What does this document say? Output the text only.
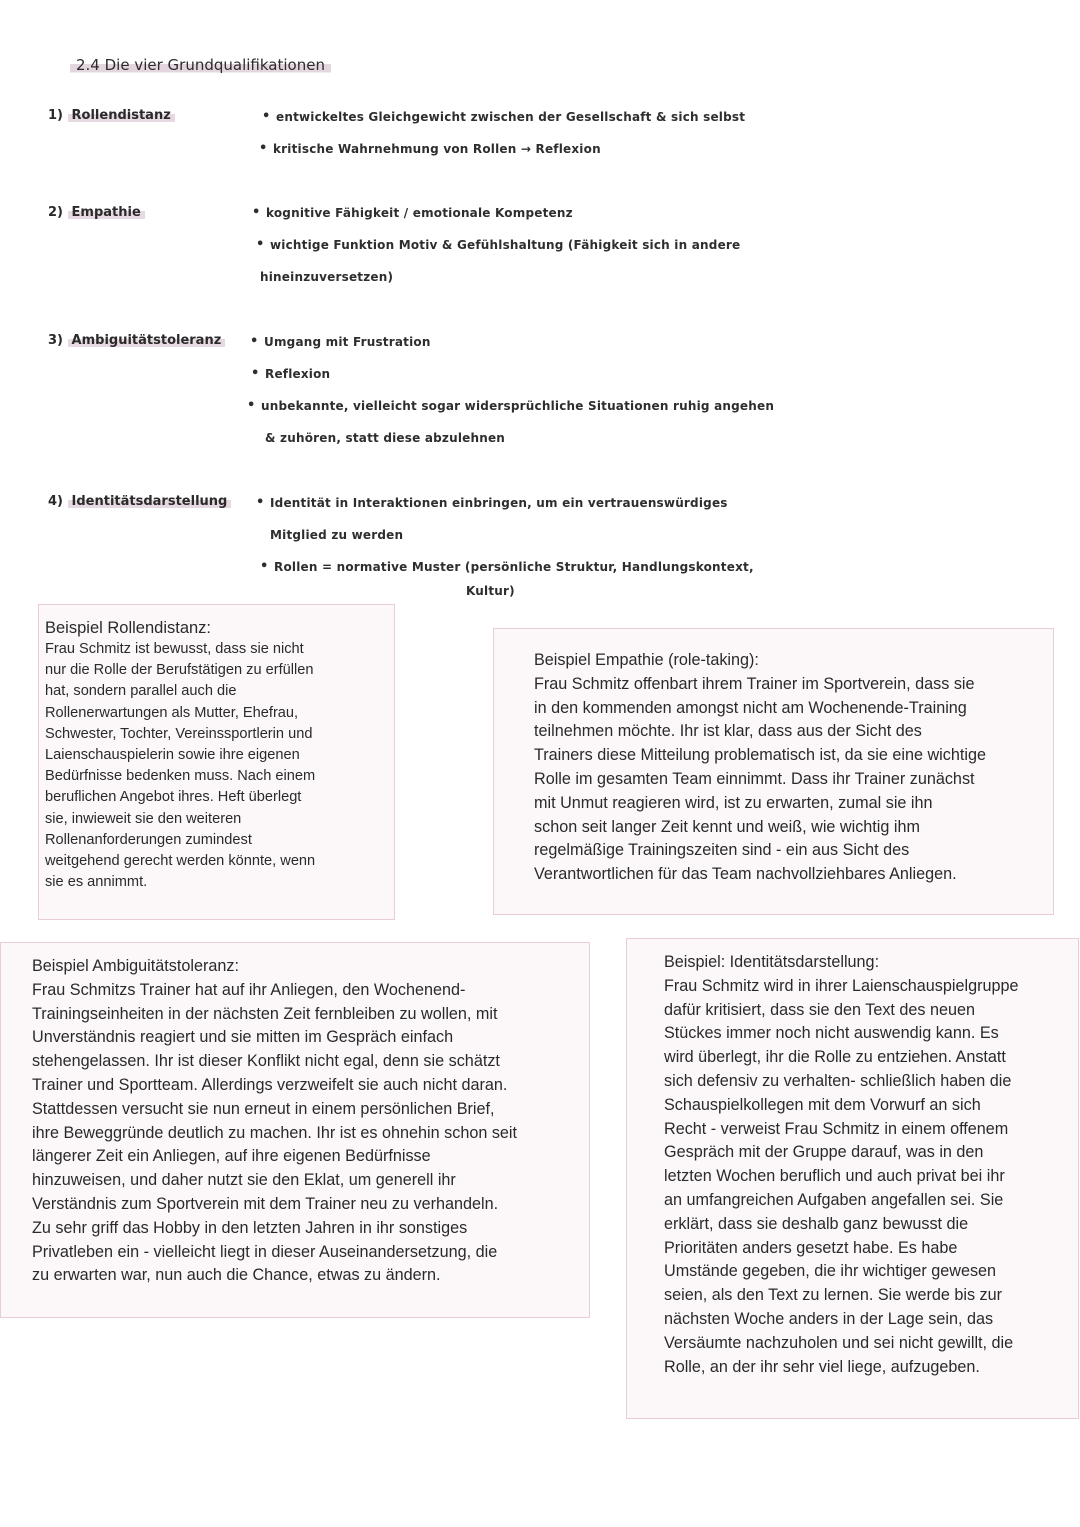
2.4 Die vier Grundqualifikationen
1) Rollendistanz	• entwickeltes Gleichgewicht zwischen der Gesellschaft & sich selbst
• kritische Wahrnehmung von Rollen → Reflexion
2) Empathie	• kognitive Fähigkeit / emotionale Kompetenz
• wichtige Funktion Motiv & Gefühlshaltung (Fähigkeit sich in andere
hineinzuversetzen)
3) Ambiguitätstoleranz	• Umgang mit Frustration
• Reflexion
• unbekannte, vielleicht sogar widersprüchliche Situationen ruhig angehen
& zuhören, statt diese abzulehnen
4) Identitätsdarstellung	• Identität in Interaktionen einbringen, um ein vertrauenswürdiges
Mitglied zu werden
• Rollen = normative Muster (persönliche Struktur, Handlungskontext,
Kultur)
Beispiel Rollendistanz:
Frau Schmitz ist bewusst, dass sie nicht
nur die Rolle der Berufstätigen zu erfüllen
hat, sondern parallel auch die
Rollenerwartungen als Mutter, Ehefrau,
Schwester, Tochter, Vereinssportlerin und
Laienschauspielerin sowie ihre eigenen
Bedürfnisse bedenken muss. Nach einem
beruflichen Angebot ihres. Heft überlegt
sie, inwieweit sie den weiteren
Rollenanforderungen zumindest
weitgehend gerecht werden könnte, wenn
sie es annimmt.
Beispiel Empathie (role-taking):
Frau Schmitz offenbart ihrem Trainer im Sportverein, dass sie
in den kommenden amongst nicht am Wochenende-Training
teilnehmen möchte. Ihr ist klar, dass aus der Sicht des
Trainers diese Mitteilung problematisch ist, da sie eine wichtige
Rolle im gesamten Team einnimmt. Dass ihr Trainer zunächst
mit Unmut reagieren wird, ist zu erwarten, zumal sie ihn
schon seit langer Zeit kennt und weiß, wie wichtig ihm
regelmäßige Trainingszeiten sind - ein aus Sicht des
Verantwortlichen für das Team nachvollziehbares Anliegen.
Beispiel Ambiguitätstoleranz:
Frau Schmitzs Trainer hat auf ihr Anliegen, den Wochenend-
Trainingseinheiten in der nächsten Zeit fernbleiben zu wollen, mit
Unverständnis reagiert und sie mitten im Gespräch einfach
stehengelassen. Ihr ist dieser Konflikt nicht egal, denn sie schätzt
Trainer und Sportteam. Allerdings verzweifelt sie auch nicht daran.
Stattdessen versucht sie nun erneut in einem persönlichen Brief,
ihre Beweggründe deutlich zu machen. Ihr ist es ohnehin schon seit
längerer Zeit ein Anliegen, auf ihre eigenen Bedürfnisse
hinzuweisen, und daher nutzt sie den Eklat, um generell ihr
Verständnis zum Sportverein mit dem Trainer neu zu verhandeln.
Zu sehr griff das Hobby in den letzten Jahren in ihr sonstiges
Privatleben ein - vielleicht liegt in dieser Auseinandersetzung, die
zu erwarten war, nun auch die Chance, etwas zu ändern.
Beispiel: Identitätsdarstellung:
Frau Schmitz wird in ihrer Laienschauspielgruppe
dafür kritisiert, dass sie den Text des neuen
Stückes immer noch nicht auswendig kann. Es
wird überlegt, ihr die Rolle zu entziehen. Anstatt
sich defensiv zu verhalten- schließlich haben die
Schauspielkollegen mit dem Vorwurf an sich
Recht - verweist Frau Schmitz in einem offenem
Gespräch mit der Gruppe darauf, was in den
letzten Wochen beruflich und auch privat bei ihr
an umfangreichen Aufgaben angefallen sei. Sie
erklärt, dass sie deshalb ganz bewusst die
Prioritäten anders gesetzt habe. Es habe
Umstände gegeben, die ihr wichtiger gewesen
seien, als den Text zu lernen. Sie werde bis zur
nächsten Woche anders in der Lage sein, das
Versäumte nachzuholen und sei nicht gewillt, die
Rolle, an der ihr sehr viel liege, aufzugeben.
